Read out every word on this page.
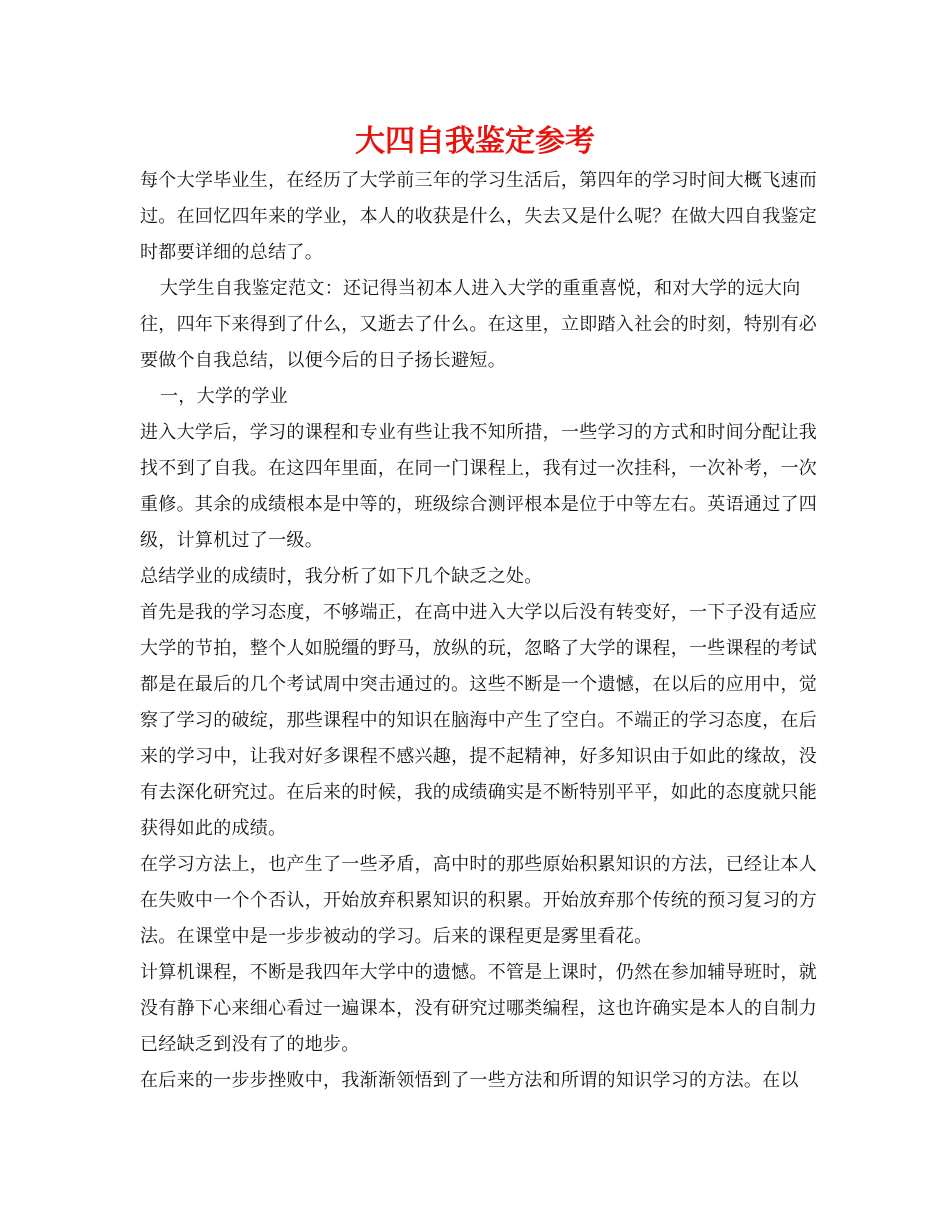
大四自我鉴定参考

每个大学毕业生，在经历了大学前三年的学习生活后，第四年的学习时间大概飞速而过。在回忆四年来的学业，本人的收获是什么，失去又是什么呢？在做大四自我鉴定时都要详细的总结了。

大学生自我鉴定范文：还记得当初本人进入大学的重重喜悦，和对大学的远大向往，四年下来得到了什么，又逝去了什么。在这里，立即踏入社会的时刻，特别有必要做个自我总结，以便今后的日子扬长避短。

一，大学的学业

进入大学后，学习的课程和专业有些让我不知所措，一些学习的方式和时间分配让我找不到了自我。在这四年里面，在同一门课程上，我有过一次挂科，一次补考，一次重修。其余的成绩根本是中等的，班级综合测评根本是位于中等左右。英语通过了四级，计算机过了一级。

总结学业的成绩时，我分析了如下几个缺乏之处。

首先是我的学习态度，不够端正，在高中进入大学以后没有转变好，一下子没有适应大学的节拍，整个人如脱缰的野马，放纵的玩，忽略了大学的课程，一些课程的考试都是在最后的几个考试周中突击通过的。这些不断是一个遗憾，在以后的应用中，觉察了学习的破绽，那些课程中的知识在脑海中产生了空白。不端正的学习态度，在后来的学习中，让我对好多课程不感兴趣，提不起精神，好多知识由于如此的缘故，没有去深化研究过。在后来的时候，我的成绩确实是不断特别平平，如此的态度就只能获得如此的成绩。

在学习方法上，也产生了一些矛盾，高中时的那些原始积累知识的方法，已经让本人在失败中一个个否认，开始放弃积累知识的积累。开始放弃那个传统的预习复习的方法。在课堂中是一步步被动的学习。后来的课程更是雾里看花。

计算机课程，不断是我四年大学中的遗憾。不管是上课时，仍然在参加辅导班时，就没有静下心来细心看过一遍课本，没有研究过哪类编程，这也许确实是本人的自制力已经缺乏到没有了的地步。

在后来的一步步挫败中，我渐渐领悟到了一些方法和所谓的知识学习的方法。在以
